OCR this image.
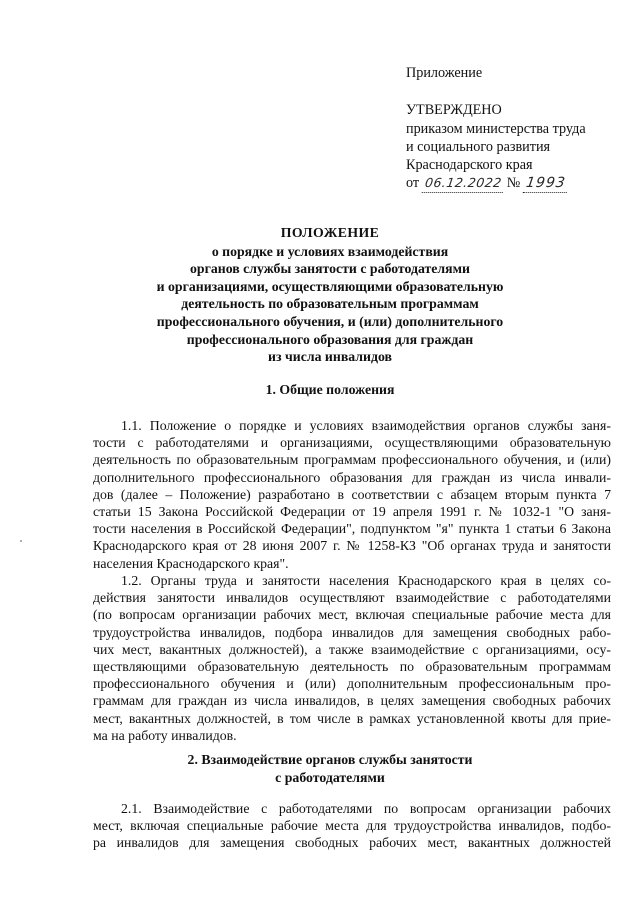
Приложение
УТВЕРЖДЕНО
приказом министерства труда
и социального развития
Краснодарского края
от 06.12.2022 № 1993
ПОЛОЖЕНИЕ
о порядке и условиях взаимодействия
органов службы занятости с работодателями
и организациями, осуществляющими образовательную
деятельность по образовательным программам
профессионального обучения, и (или) дополнительного
профессионального образования для граждан
из числа инвалидов
1. Общие положения
1.1. Положение о порядке и условиях взаимодействия органов службы заня-
тости с работодателями и организациями, осуществляющими образовательную
деятельность по образовательным программам профессионального обучения, и (или)
дополнительного профессионального образования для граждан из числа инвали-
дов (далее – Положение) разработано в соответствии с абзацем вторым пункта 7
статьи 15 Закона Российской Федерации от 19 апреля 1991 г. № 1032-1 "О заня-
тости населения в Российской Федерации", подпунктом "я" пункта 1 статьи 6 Закона
Краснодарского края от 28 июня 2007 г. № 1258-КЗ "Об органах труда и занятости
населения Краснодарского края".
1.2. Органы труда и занятости населения Краснодарского края в целях со-
действия занятости инвалидов осуществляют взаимодействие с работодателями
(по вопросам организации рабочих мест, включая специальные рабочие места для
трудоустройства инвалидов, подбора инвалидов для замещения свободных рабо-
чих мест, вакантных должностей), а также взаимодействие с организациями, осу-
ществляющими образовательную деятельность по образовательным программам
профессионального обучения и (или) дополнительным профессиональным про-
граммам для граждан из числа инвалидов, в целях замещения свободных рабочих
мест, вакантных должностей, в том числе в рамках установленной квоты для прие-
ма на работу инвалидов.
2. Взаимодействие органов службы занятости
с работодателями
2.1. Взаимодействие с работодателями по вопросам организации рабочих
мест, включая специальные рабочие места для трудоустройства инвалидов, подбо-
ра инвалидов для замещения свободных рабочих мест, вакантных должностей
